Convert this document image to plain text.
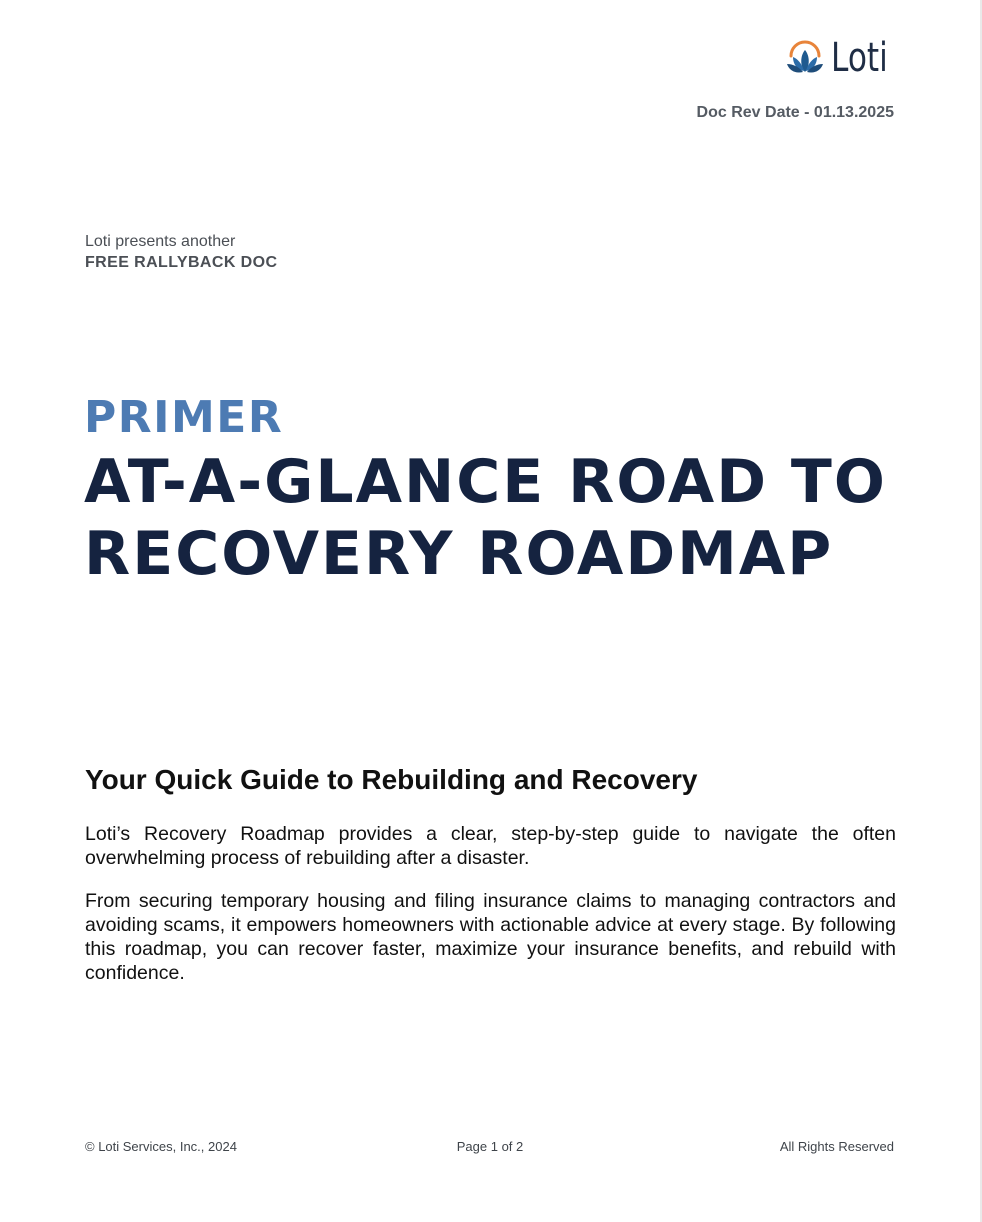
Loti
Doc Rev Date - 01.13.2025
Loti presents another
FREE RALLYBACK DOC
PRIMER
AT-A-GLANCE ROAD TO
RECOVERY ROADMAP
Your Quick Guide to Rebuilding and Recovery

Loti’s Recovery Roadmap provides a clear, step-by-step guide to navigate the often overwhelming process of rebuilding after a disaster.

From securing temporary housing and filing insurance claims to managing contractors and avoiding scams, it empowers homeowners with actionable advice at every stage. By following this roadmap, you can recover faster, maximize your insurance benefits, and rebuild with confidence.

© Loti Services, Inc., 2024	Page 1 of 2	All Rights Reserved
